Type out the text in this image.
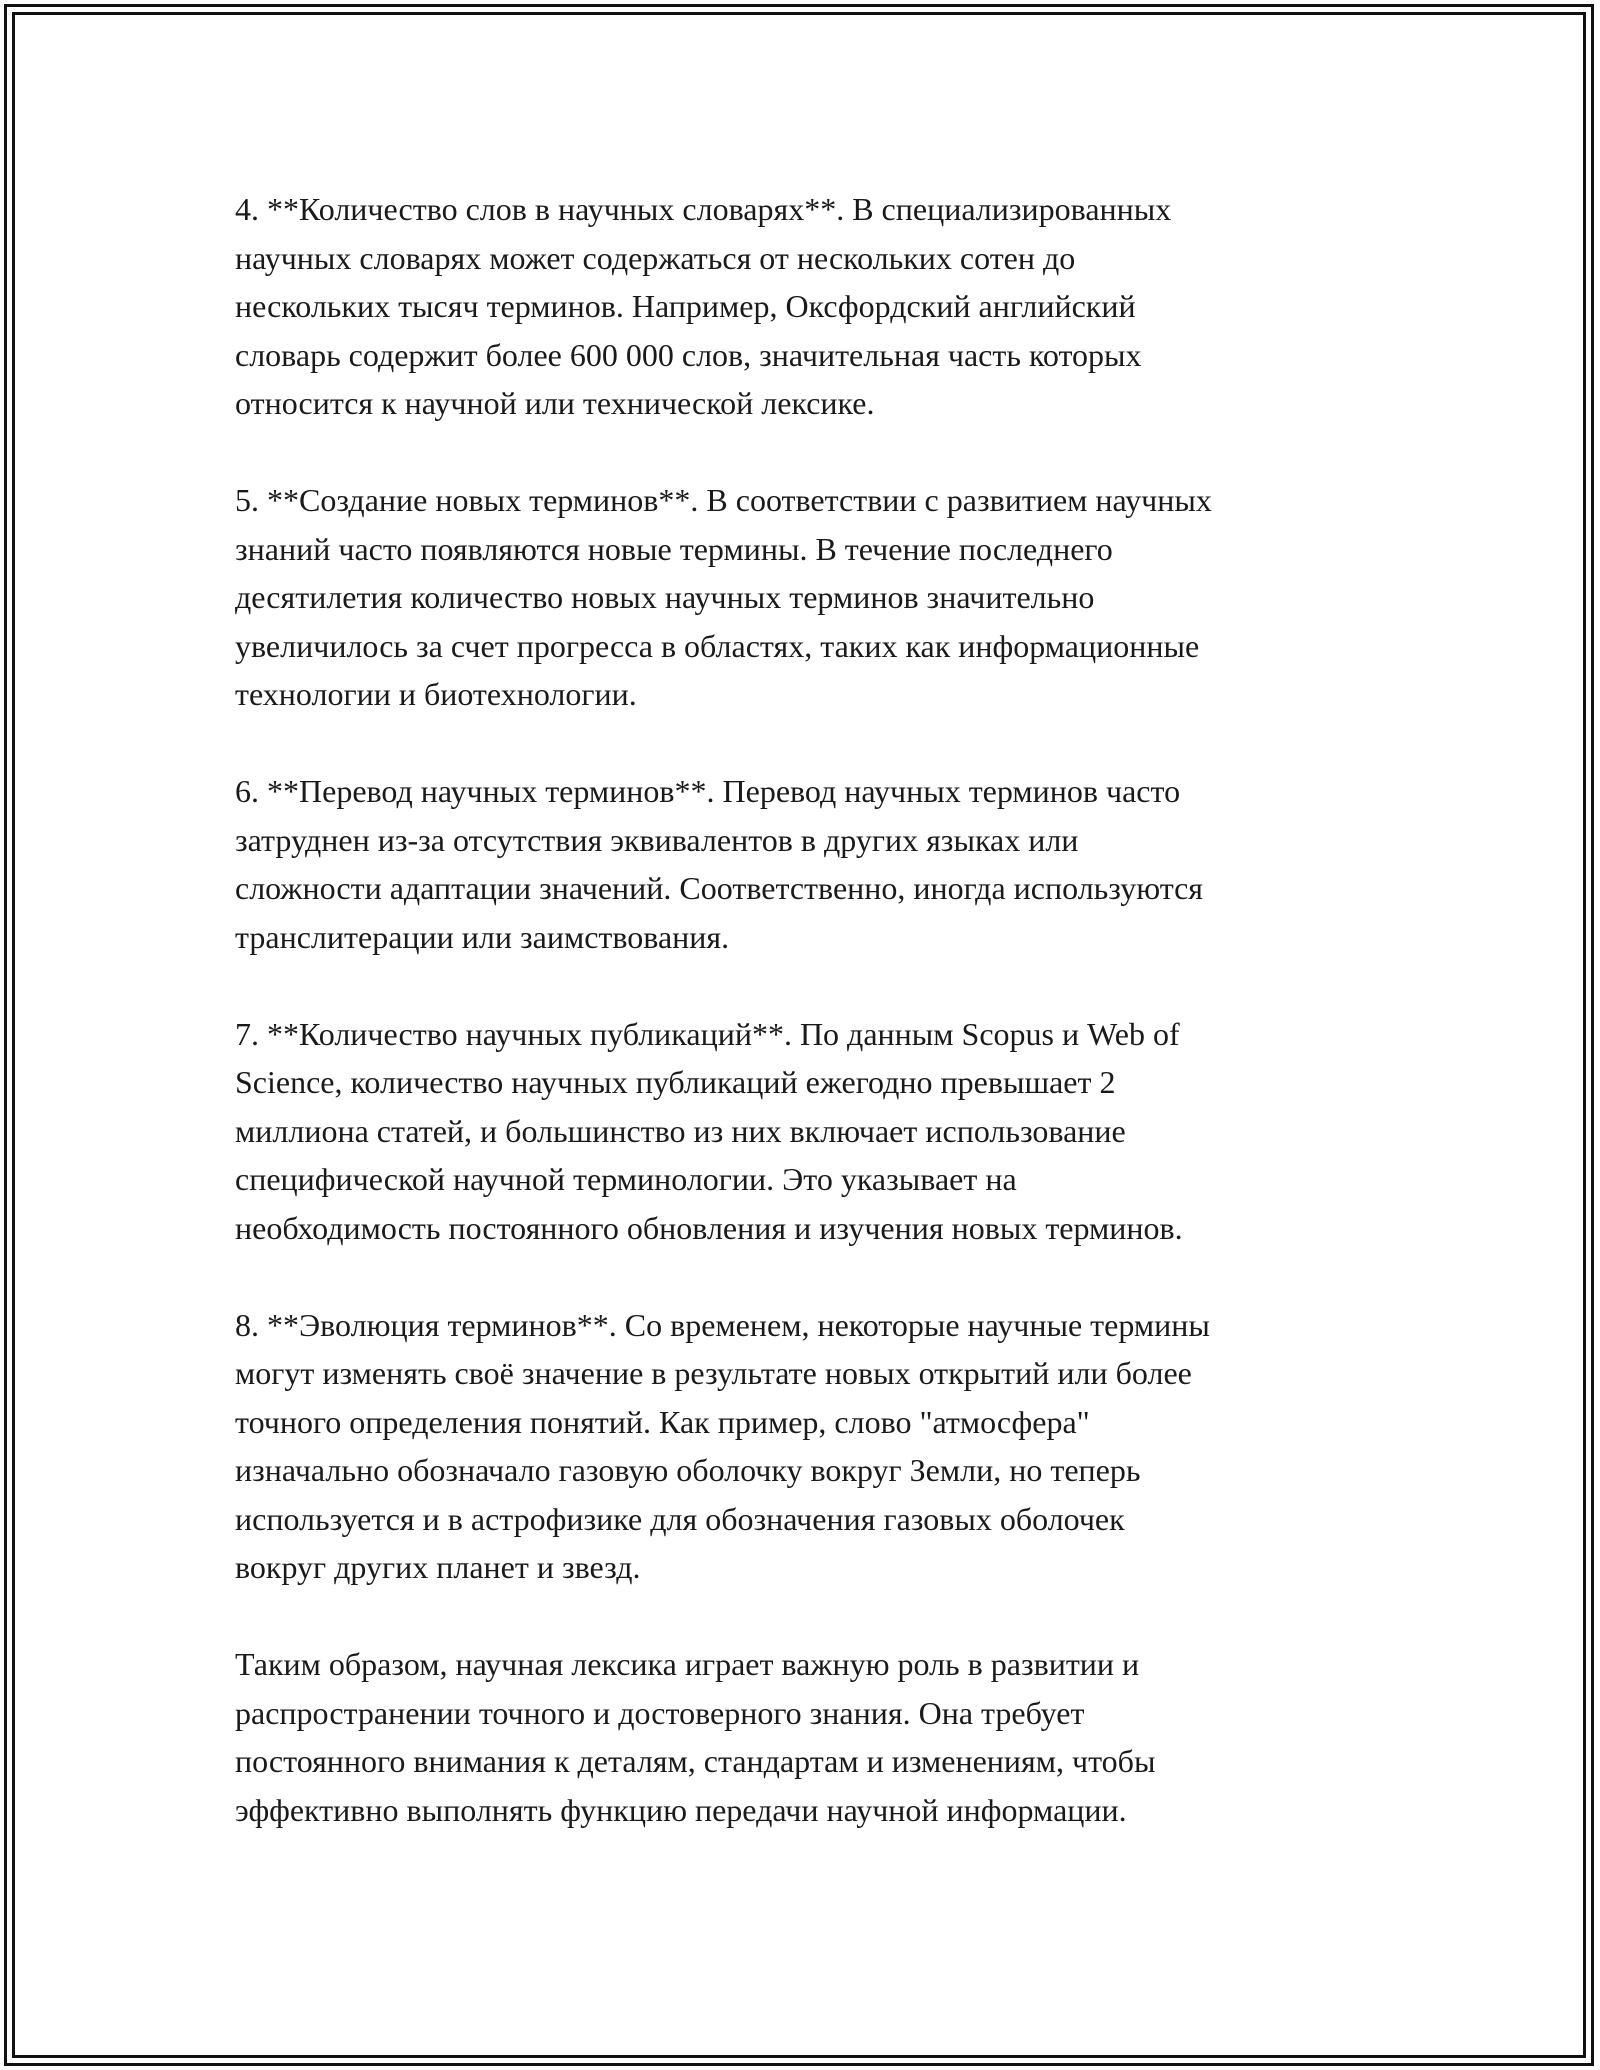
4. **Количество слов в научных словарях**. В специализированных
научных словарях может содержаться от нескольких сотен до
нескольких тысяч терминов. Например, Оксфордский английский
словарь содержит более 600 000 слов, значительная часть которых
относится к научной или технической лексике.

5. **Создание новых терминов**. В соответствии с развитием научных
знаний часто появляются новые термины. В течение последнего
десятилетия количество новых научных терминов значительно
увеличилось за счет прогресса в областях, таких как информационные
технологии и биотехнологии.

6. **Перевод научных терминов**. Перевод научных терминов часто
затруднен из-за отсутствия эквивалентов в других языках или
сложности адаптации значений. Соответственно, иногда используются
транслитерации или заимствования.

7. **Количество научных публикаций**. По данным Scopus и Web of
Science, количество научных публикаций ежегодно превышает 2
миллиона статей, и большинство из них включает использование
специфической научной терминологии. Это указывает на
необходимость постоянного обновления и изучения новых терминов.

8. **Эволюция терминов**. Со временем, некоторые научные термины
могут изменять своё значение в результате новых открытий или более
точного определения понятий. Как пример, слово "атмосфера"
изначально обозначало газовую оболочку вокруг Земли, но теперь
используется и в астрофизике для обозначения газовых оболочек
вокруг других планет и звезд.

Таким образом, научная лексика играет важную роль в развитии и
распространении точного и достоверного знания. Она требует
постоянного внимания к деталям, стандартам и изменениям, чтобы
эффективно выполнять функцию передачи научной информации.
